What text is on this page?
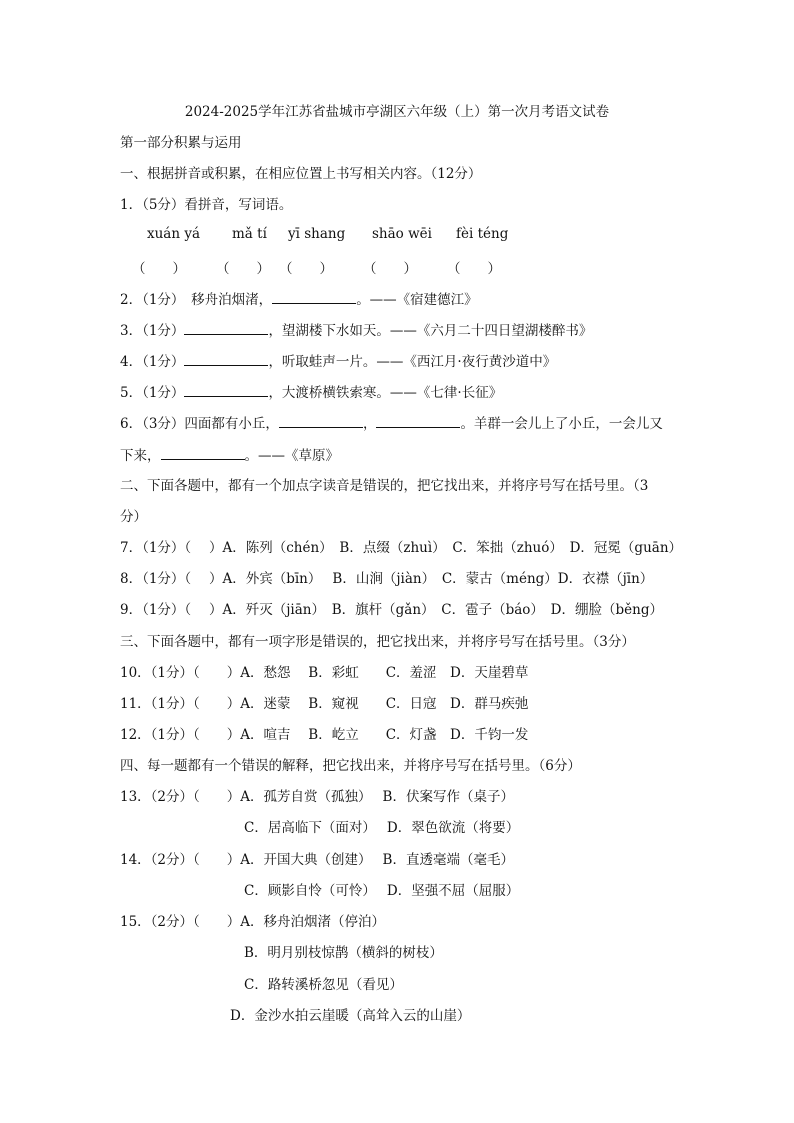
2024-2025学年江苏省盐城市亭湖区六年级（上）第一次月考语文试卷
第一部分积累与运用
一、根据拼音或积累，在相应位置上书写相关内容。（12分）
1．（5分）看拼音，写词语。
xuán yá mǎ tí yī shang shāo wēi fèi téng
（　　） （　　） （　　） （　　） （　　）
2．（1分）　移舟泊烟渚，	。——《宿建德江》
3．（1分）	，望湖楼下水如天。——《六月二十四日望湖楼醉书》
4．（1分）	，听取蛙声一片。——《西江月·夜行黄沙道中》
5．（1分）	，大渡桥横铁索寒。——《七律·长征》
6．（3分）四面都有小丘，	，	。羊群一会儿上了小丘，一会儿又
下来，	。——《草原》
二、下面各题中，都有一个加点字读音是错误的，把它找出来，并将序号写在括号里。（3
分）
7．（1分）（　 ）A．陈列（chén）　B．点缀（zhuì）　C．笨拙（zhuó）　D．冠冕（guān）
8．（1分）（　 ）A．外宾（bīn）　 B．山涧（jiàn）　C．蒙古（méng）D．衣襟（jīn）
9．（1分）（　 ）A．歼灭（jiān）　B．旗杆（gǎn）　C．雹子（báo）　D．绷脸（běng）
三、下面各题中，都有一项字形是错误的，把它找出来，并将序号写在括号里。（3分）
10．（1分）（　　）A．愁怨　 B．彩虹　　C．羞涩　D．天崖碧草
11．（1分）（　　）A．迷蒙　 B．窥视　　C．日寇　D．群马疾弛
12．（1分）（　　）A．喧吉　 B．屹立　　C．灯盏　D．千钧一发
四、每一题都有一个错误的解释，把它找出来，并将序号写在括号里。（6分）
13．（2分）（　　）A．孤芳自赏（孤独）　 B．伏案写作（桌子）
C．居高临下（面对）　 D．翠色欲流（将要）
14．（2分）（　　）A．开国大典（创建）　 B．直透毫端（毫毛）
C．顾影自怜（可怜）　 D．坚强不屈（屈服）
15．（2分）（　　）A．移舟泊烟渚（停泊）
B．明月别枝惊鹊（横斜的树枝）
C．路转溪桥忽见（看见）
D．金沙水拍云崖暖（高耸入云的山崖）
